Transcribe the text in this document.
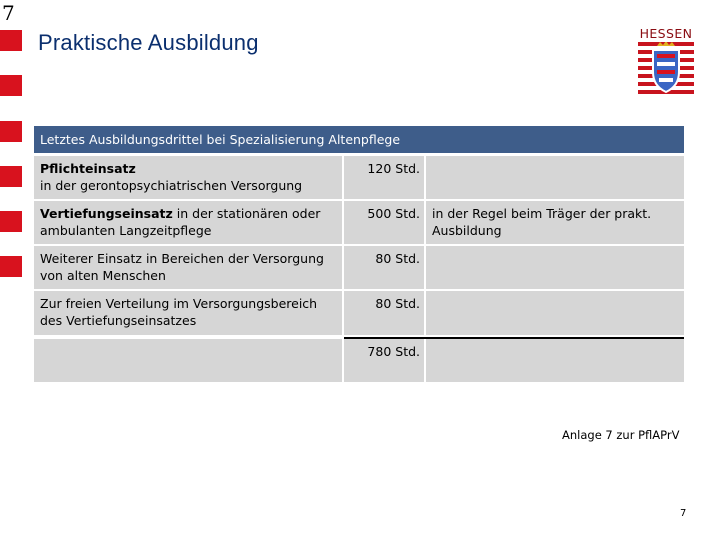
7
Praktische Ausbildung	HESSEN
Letztes Ausbildungsdrittel bei Spezialisierung Altenpflege
Pflichteinsatz
in der gerontopsychiatrischen Versorgung
120 Std.
Vertiefungseinsatz in der stationären oder ambulanten Langzeitpflege
500 Std. in der Regel beim Träger der prakt. Ausbildung
Weiterer Einsatz in Bereichen der Versorgung von alten Menschen
80 Std.
Zur freien Verteilung im Versorgungsbereich des Vertiefungseinsatzes
80 Std.
780 Std.
Anlage 7 zur PflAPrV
7
